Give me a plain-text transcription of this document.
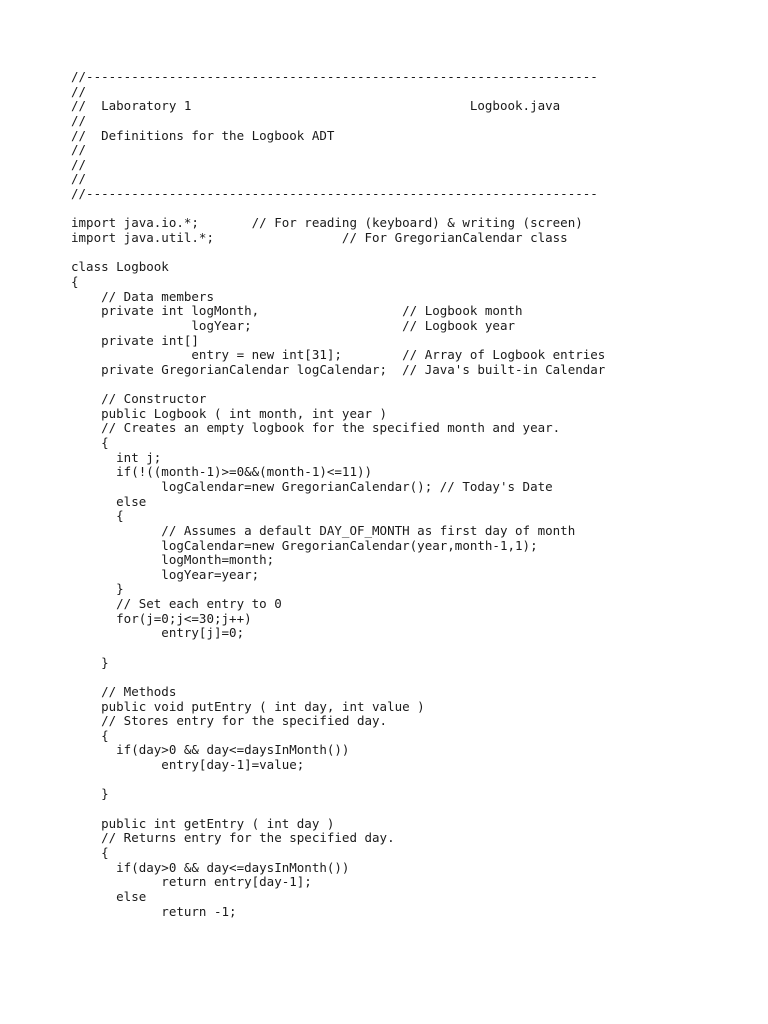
//--------------------------------------------------------------------
//
//  Laboratory 1                                     Logbook.java
//
//  Definitions for the Logbook ADT
//
//
//
//--------------------------------------------------------------------
import java.io.*;       // For reading (keyboard) & writing (screen)
import java.util.*;                 // For GregorianCalendar class
class Logbook
{
// Data members
private int logMonth,                   // Logbook month
logYear;                    // Logbook year
private int[]
entry = new int[31];        // Array of Logbook entries
private GregorianCalendar logCalendar;  // Java's built-in Calendar
// Constructor
public Logbook ( int month, int year )
// Creates an empty logbook for the specified month and year.
{
int j;
if(!((month-1)>=0&&(month-1)<=11))
logCalendar=new GregorianCalendar(); // Today's Date
else
{
// Assumes a default DAY_OF_MONTH as first day of month
logCalendar=new GregorianCalendar(year,month-1,1);
logMonth=month;
logYear=year;
}
// Set each entry to 0
for(j=0;j<=30;j++)
entry[j]=0;
}
// Methods
public void putEntry ( int day, int value )
// Stores entry for the specified day.
{
if(day>0 && day<=daysInMonth())
entry[day-1]=value;
}
public int getEntry ( int day )
// Returns entry for the specified day.
{
if(day>0 && day<=daysInMonth())
return entry[day-1];
else
return -1;
